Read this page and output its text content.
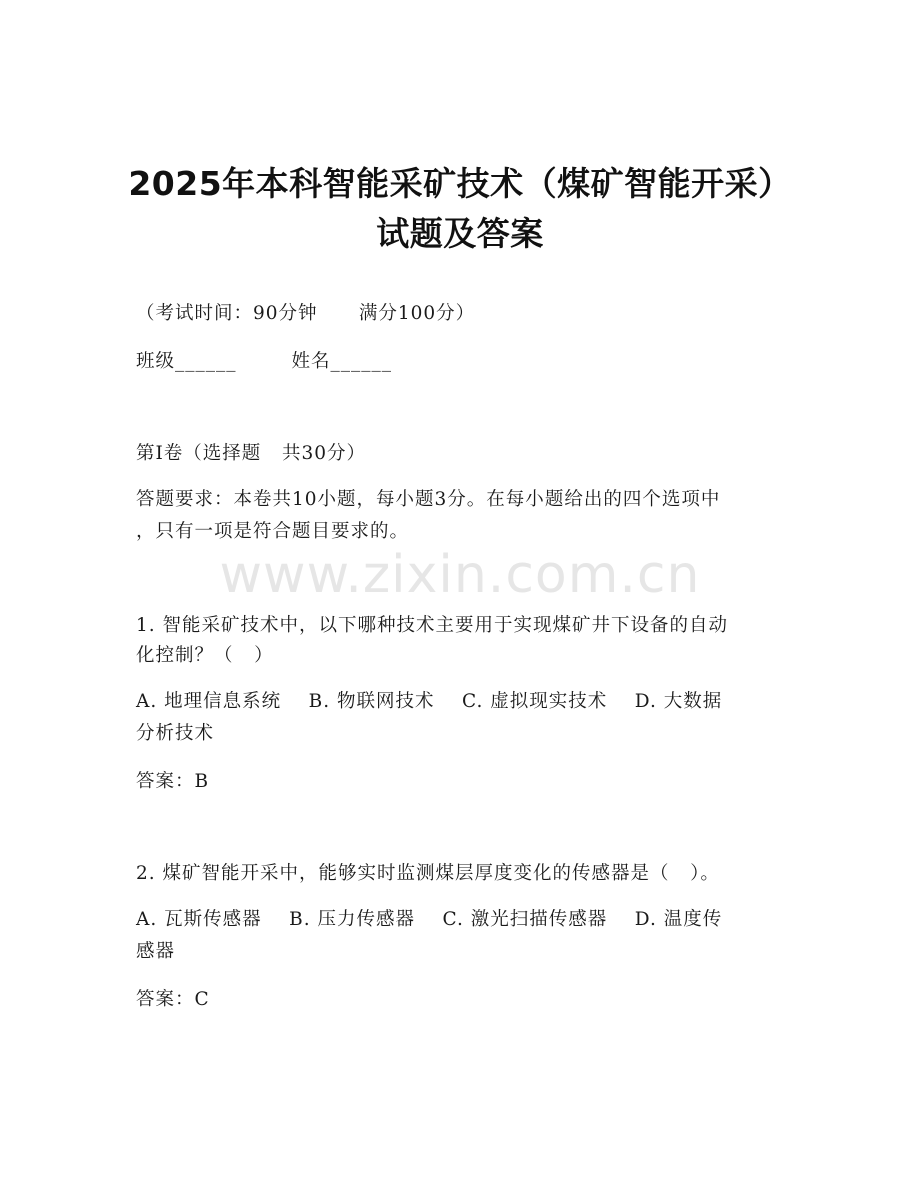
www.zixin.com.cn
2025年本科智能采矿技术（煤矿智能开采）
试题及答案
（考试时间：90分钟      满分100分）
班级______	姓名______
第I卷（选择题   共30分）
答题要求：本卷共10小题，每小题3分。在每小题给出的四个选项中
，只有一项是符合题目要求的。
1. 智能采矿技术中，以下哪种技术主要用于实现煤矿井下设备的自动
化控制？（   ）
A. 地理信息系统    B. 物联网技术    C. 虚拟现实技术    D. 大数据
分析技术
答案：B
2. 煤矿智能开采中，能够实时监测煤层厚度变化的传感器是（   ）。
A. 瓦斯传感器    B. 压力传感器    C. 激光扫描传感器    D. 温度传
感器
答案：C
